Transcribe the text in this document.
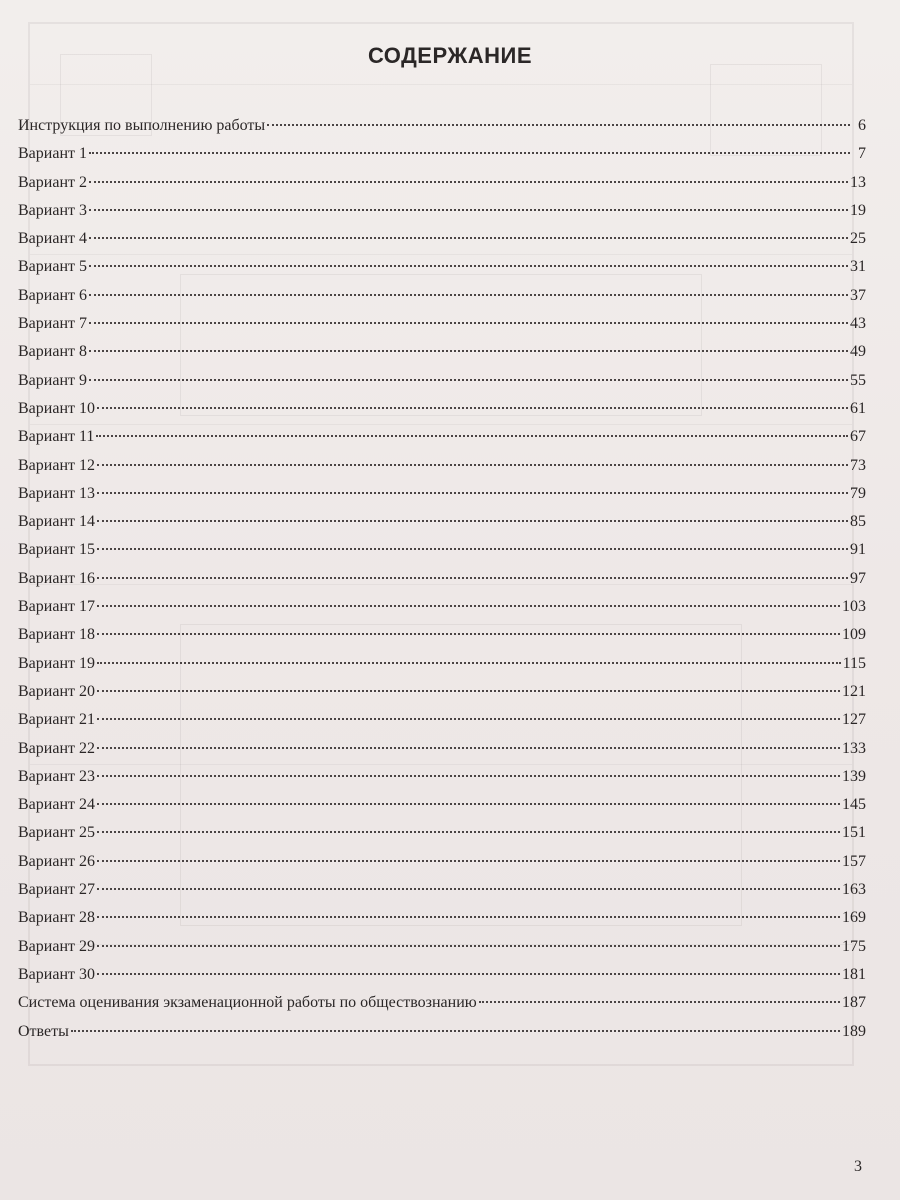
СОДЕРЖАНИЕ
Инструкция по выполнению работы	6
Вариант 1	7
Вариант 2	13
Вариант 3	19
Вариант 4	25
Вариант 5	31
Вариант 6	37
Вариант 7	43
Вариант 8	49
Вариант 9	55
Вариант 10	61
Вариант 11	67
Вариант 12	73
Вариант 13	79
Вариант 14	85
Вариант 15	91
Вариант 16	97
Вариант 17	103
Вариант 18	109
Вариант 19	115
Вариант 20	121
Вариант 21	127
Вариант 22	133
Вариант 23	139
Вариант 24	145
Вариант 25	151
Вариант 26	157
Вариант 27	163
Вариант 28	169
Вариант 29	175
Вариант 30	181
Система оценивания экзаменационной работы по обществознанию	187
Ответы	189
3
